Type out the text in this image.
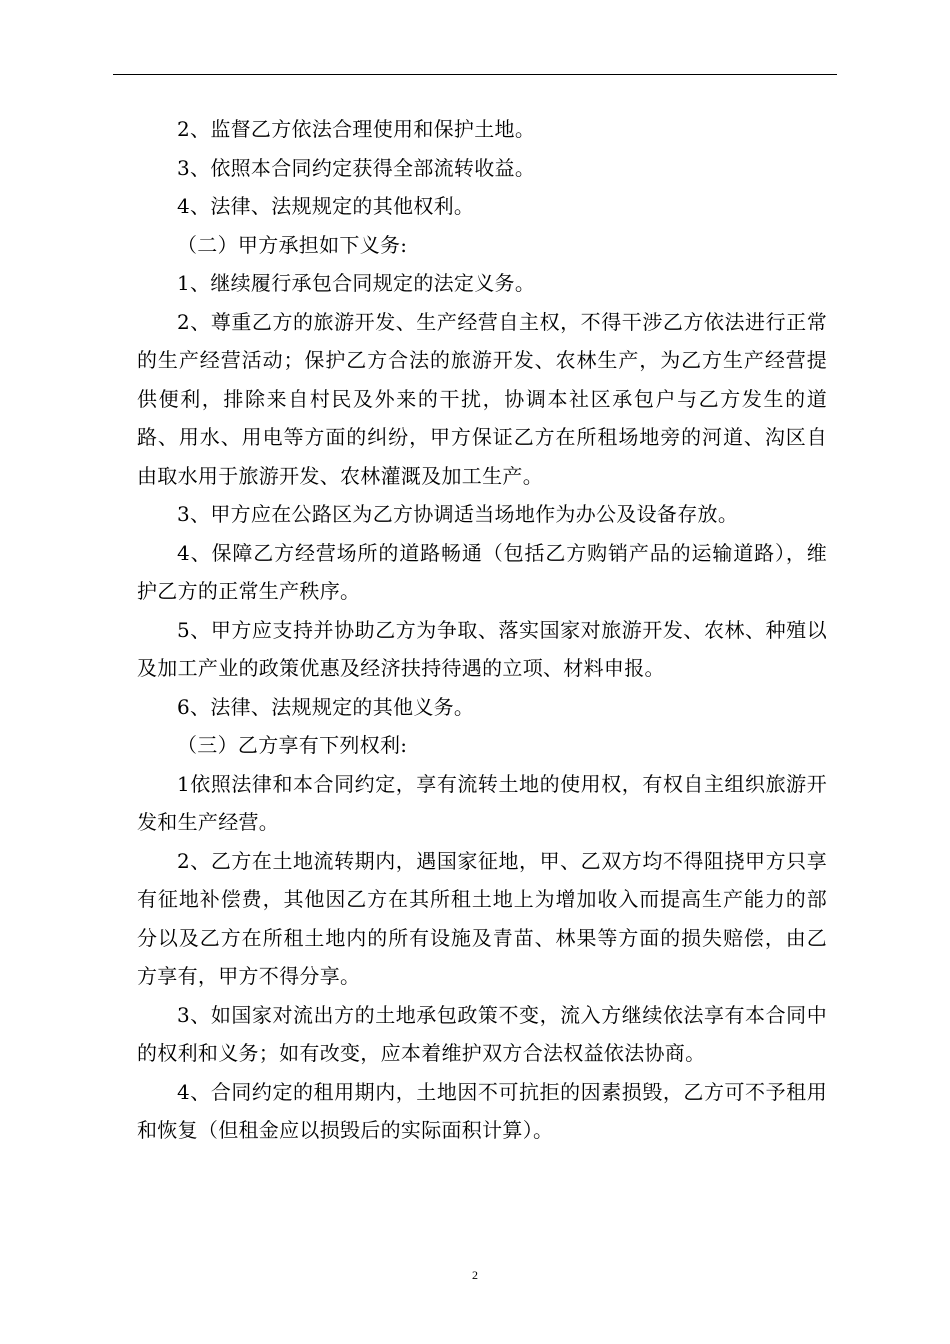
2、监督乙方依法合理使用和保护土地。

3、依照本合同约定获得全部流转收益。

4、法律、法规规定的其他权利。

（二）甲方承担如下义务:

1、继续履行承包合同规定的法定义务。

2、尊重乙方的旅游开发、生产经营自主权，不得干涉乙方依法进行正常的生产经营活动；保护乙方合法的旅游开发、农林生产，为乙方生产经营提供便利，排除来自村民及外来的干扰，协调本社区承包户与乙方发生的道路、用水、用电等方面的纠纷，甲方保证乙方在所租场地旁的河道、沟区自由取水用于旅游开发、农林灌溉及加工生产。

3、甲方应在公路区为乙方协调适当场地作为办公及设备存放。

4、保障乙方经营场所的道路畅通（包括乙方购销产品的运输道路），维护乙方的正常生产秩序。

5、甲方应支持并协助乙方为争取、落实国家对旅游开发、农林、种殖以及加工产业的政策优惠及经济扶持待遇的立项、材料申报。

6、法律、法规规定的其他义务。

（三）乙方享有下列权利:

1依照法律和本合同约定，享有流转土地的使用权，有权自主组织旅游开发和生产经营。

2、乙方在土地流转期内，遇国家征地，甲、乙双方均不得阻挠甲方只享有征地补偿费，其他因乙方在其所租土地上为增加收入而提高生产能力的部分以及乙方在所租土地内的所有设施及青苗、林果等方面的损失赔偿，由乙方享有，甲方不得分享。

3、如国家对流出方的土地承包政策不变，流入方继续依法享有本合同中的权利和义务；如有改变，应本着维护双方合法权益依法协商。

4、合同约定的租用期内，土地因不可抗拒的因素损毁，乙方可不予租用和恢复（但租金应以损毁后的实际面积计算）。

2
